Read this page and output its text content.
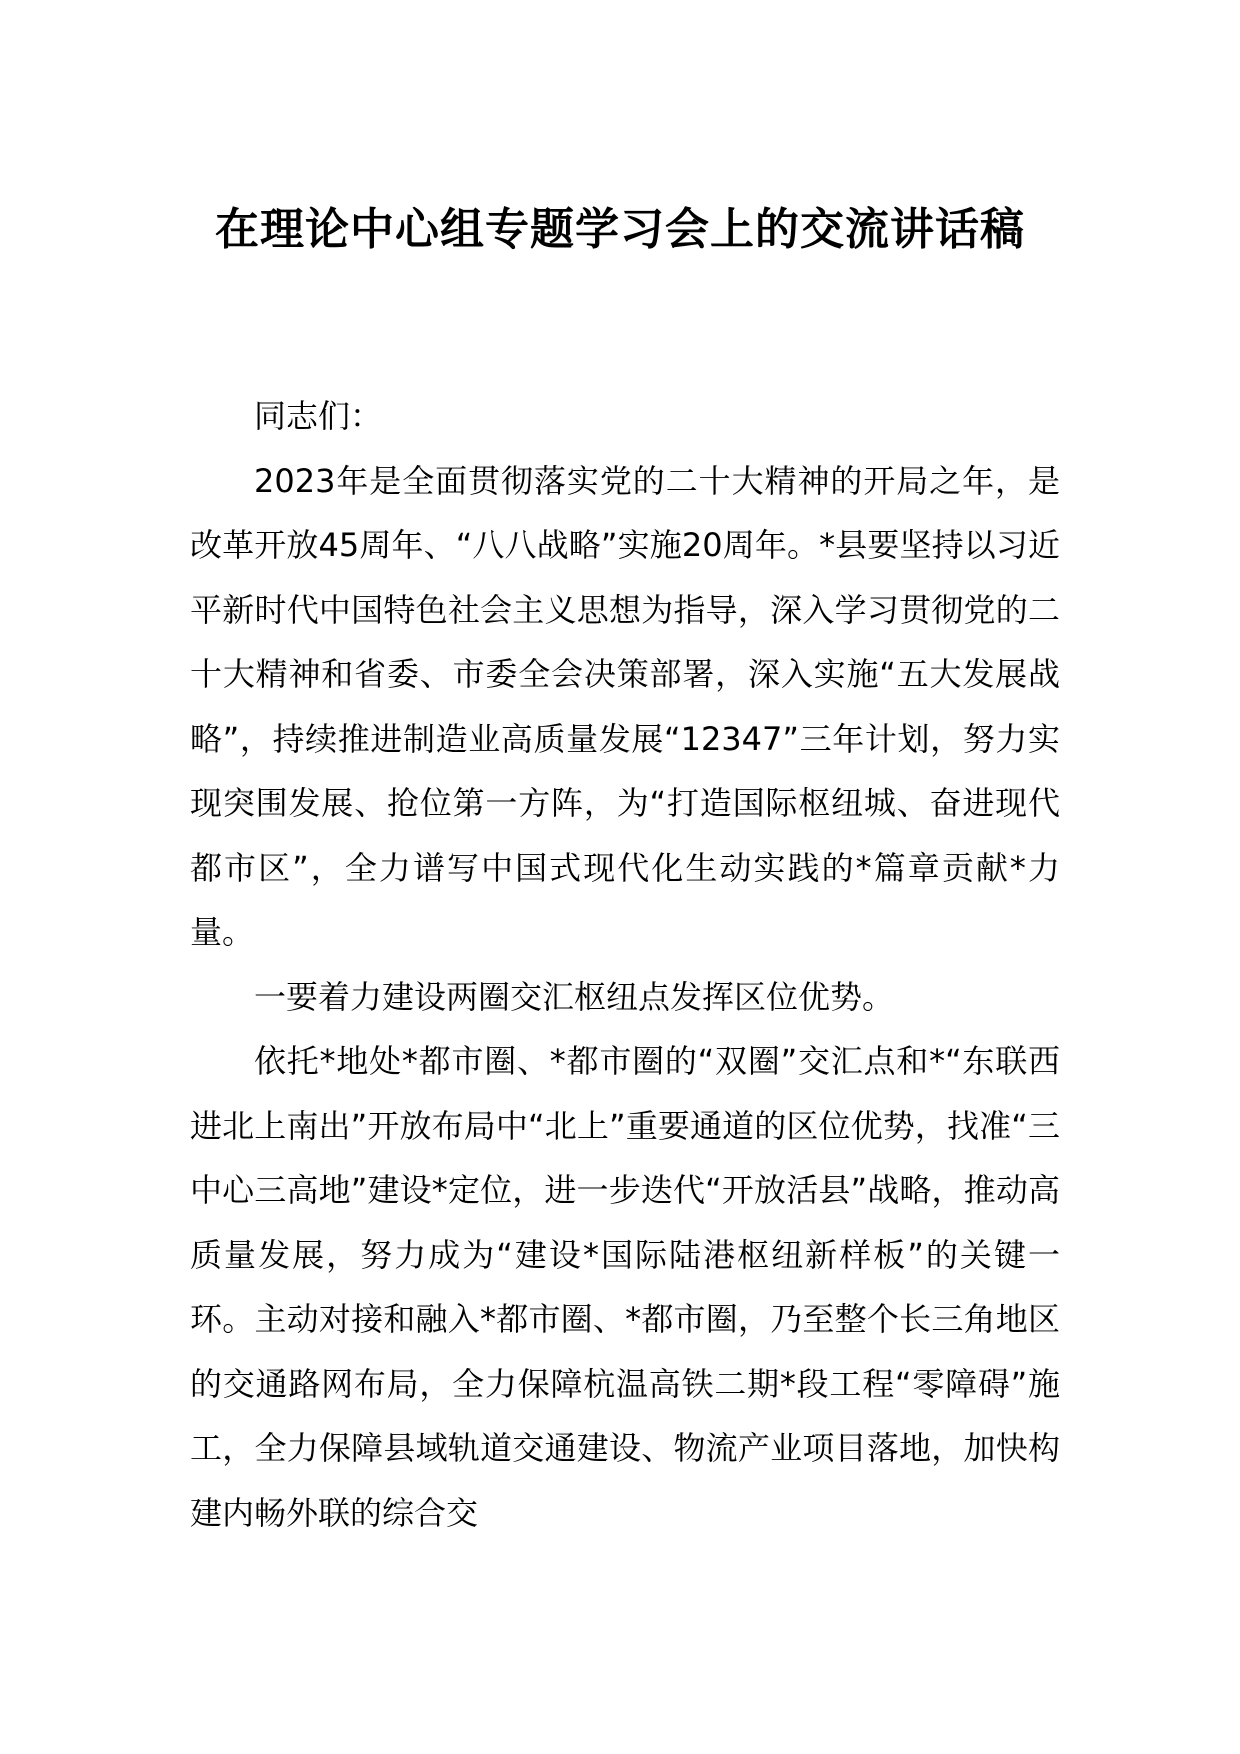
在理论中心组专题学习会上的交流讲话稿

同志们：

2023年是全面贯彻落实党的二十大精神的开局之年，是改革开放45周年、“八八战略”实施20周年。*县要坚持以习近平新时代中国特色社会主义思想为指导，深入学习贯彻党的二十大精神和省委、市委全会决策部署，深入实施“五大发展战略”，持续推进制造业高质量发展“12347”三年计划，努力实现突围发展、抢位第一方阵，为“打造国际枢纽城、奋进现代都市区”，全力谱写中国式现代化生动实践的*篇章贡献*力量。

一要着力建设两圈交汇枢纽点发挥区位优势。

依托*地处*都市圈、*都市圈的“双圈”交汇点和*“东联西进北上南出”开放布局中“北上”重要通道的区位优势，找准“三中心三高地”建设*定位，进一步迭代“开放活县”战略，推动高质量发展，努力成为“建设*国际陆港枢纽新样板”的关键一环。主动对接和融入*都市圈、*都市圈，乃至整个长三角地区的交通路网布局，全力保障杭温高铁二期*段工程“零障碍”施工，全力保障县域轨道交通建设、物流产业项目落地，加快构建内畅外联的综合交
